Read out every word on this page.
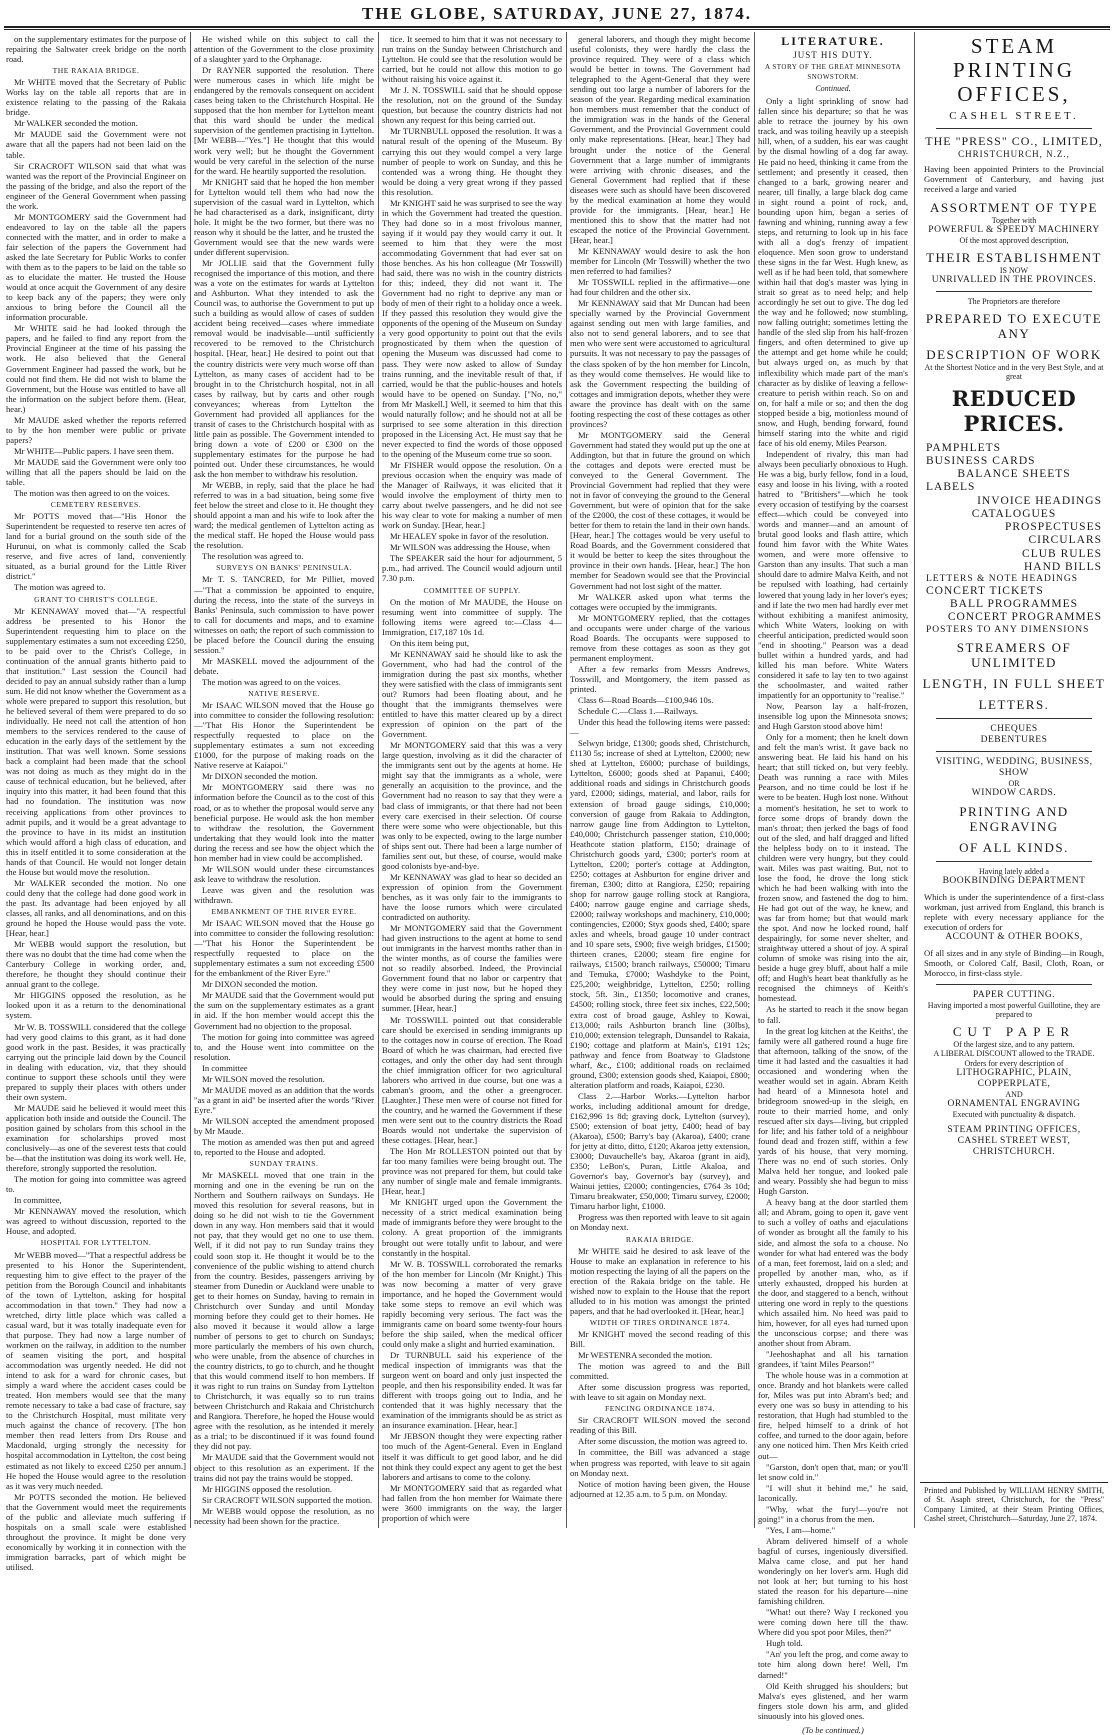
THE GLOBE, SATURDAY, JUNE 27, 1874.

on the supplementary estimates for the purpose of repairing the Saltwater creek bridge on the north road.

THE RAKAIA BRIDGE.

Mr WHITE moved that the Secretary of Public Works lay on the table all reports that are in existence relating to the passing of the Rakaia bridge.

Mr WALKER seconded the motion.

Mr MAUDE said the Government were not aware that all the papers had not been laid on the table.

Sir CRACROFT WILSON said that what was wanted was the report of the Provincial Engineer on the passing of the bridge, and also the report of the engineer of the General Government when passing the work.

Mr MONTGOMERY said the Government had endeavored to lay on the table all the papers connected with the matter, and in order to make a fair selection of the papers the Government had asked the late Secretary for Public Works to confer with them as to the papers to be laid on the table so as to elucidate the matter. He trusted the House would at once acquit the Government of any desire to keep back any of the papers; they were only anxious to bring before the Council all the information procurable.

Mr WHITE said he had looked through the papers, and he failed to find any report from the Provincial Engineer at the time of his passing the work. He also believed that the General Government Engineer had passed the work, but he could not find them. He did not wish to blame the Government, but the House was entitled to have all the information on the subject before them. (Hear, hear.)

Mr MAUDE asked whether the reports referred to by the hon member were public or private papers?

Mr WHITE—Public papers. I have seen them.

Mr MAUDE said the Government were only too willing that all the papers should be laid on the table.

The motion was then agreed to on the voices.

CEMETERY RESERVES.

Mr POTTS moved that—"His Honor the Superintendent be requested to reserve ten acres of land for a burial ground on the south side of the Hurunui, on what is commonly called the Scab reserve, and five acres of land, conveniently situated, as a burial ground for the Little River district."

The motion was agreed to.

GRANT TO CHRIST'S COLLEGE.

Mr KENNAWAY moved that—"A respectful address be presented to his Honor the Superintendent requesting him to place on the supplementary estimates a sum not exceeding £250, to be paid over to the Christ's College, in continuation of the annual grants hitherto paid to that institution." Last session the Council had decided to pay an annual subsidy rather than a lump sum. He did not know whether the Government as a whole were prepared to support this resolution, but he believed several of them were prepared to do so individually. He need not call the attention of hon members to the services rendered to the cause of education in the early days of the settlement by the institution. That was well known. Some sessions back a complaint had been made that the school was not doing as much as they might do in the cause of technical education, but he believed, after inquiry into this matter, it had been found that this had no foundation. The institution was now receiving applications from other provinces to admit pupils, and it would be a great advantage to the province to have in its midst an institution which would afford a high class of education, and this in itself entitled it to some consideration at the hands of that Council. He would not longer detain the House but would move the resolution.

Mr WALKER seconded the motion. No one could deny that the college had done good work in the past. Its advantage had been enjoyed by all classes, all ranks, and all denominations, and on this ground he hoped the House would pass the vote. [Hear, hear.]

Mr WEBB would support the resolution, but there was no doubt that the time had come when the Canterbury College in working order, and, therefore, he thought they should continue their annual grant to the college.

Mr HIGGINS opposed the resolution, as he looked upon it as a return to the denominational system.

Mr W. B. TOSSWILL considered that the college had very good claims to this grant, as it had done good work in the past. Besides, it was practically carrying out the principle laid down by the Council in dealing with education, viz, that they should continue to support these schools until they were prepared to supply their places with others under their own system.

Mr MAUDE said he believed it would meet this application both inside and outside the Council. The position gained by scholars from this school in the examination for scholarships proved most conclusively—as one of the severest tests that could be—that the institution was doing its work well. He, therefore, strongly supported the resolution.

The motion for going into committee was agreed to.

In committee,

Mr KENNAWAY moved the resolution, which was agreed to without discussion, reported to the House, and adopted.

HOSPITAL FOR LYTTELTON.

Mr WEBB moved—"That a respectful address be presented to his Honor the Superintendent, requesting him to give effect to the prayer of the petition from the Borough Council and inhabitants of the town of Lyttelton, asking for hospital accommodation in that town." They had now a wretched, dirty little place which was called a casual ward, but it was totally inadequate even for that purpose. They had now a large number of workmen on the railway, in addition to the number of seamen visiting the port, and hospital accommodation was urgently needed. He did not intend to ask for a ward for chronic cases, but simply a ward where the accident cases could be treated. Hon members would see that the many remote necessary to take a bad case of fracture, say to the Christchurch Hospital, must militate very much against the chance of recovery. [The hon member then read letters from Drs Rouse and Macdonald, urging strongly the necessity for hospital accommodation in Lyttelton, the cost being estimated as not likely to exceed £250 per annum.] He hoped the House would agree to the resolution as it was very much needed.

Mr POTTS seconded the motion. He believed that the Government would meet the requirements of the public and alleviate much suffering if hospitals on a small scale were established throughout the province. It might be done very economically by working it in connection with the immigration barracks, part of which might be utilised.

He wished while on this subject to call the attention of the Government to the close proximity of a slaughter yard to the Orphanage.

Dr RAYNER supported the resolution. There were numerous cases in which life might be endangered by the removals consequent on accident cases being taken to the Christchurch Hospital. He supposed that the hon member for Lyttelton meant that this ward should be under the medical supervision of the gentlemen practising in Lyttelton. [Mr WEBB—"Yes."] He thought that this would work very well; but he thought the Government would be very careful in the selection of the nurse for the ward. He heartily supported the resolution.

Mr KNIGHT said that he hoped the hon member for Lyttelton would tell them who had now the supervision of the casual ward in Lyttelton, which he had characterised as a dark, insignificant, dirty hole. It might be the two former, but there was no reason why it should be the latter, and he trusted the Government would see that the new wards were under different supervision.

Mr JOLLIE said that the Government fully recognised the importance of this motion, and there was a vote on the estimates for wards at Lyttelton and Ashburton. What they intended to ask the Council was, to authorise the Government to put up such a building as would allow of cases of sudden accident being received—cases where immediate removal would be inadvisable—until sufficiently recovered to be removed to the Christchurch hospital. [Hear, hear.] He desired to point out that the country districts were very much worse off than Lyttelton, as many cases of accident had to be brought in to the Christchurch hospital, not in all cases by railway, but by carts and other rough conveyances; whereas from Lyttelton the Government had provided all appliances for the transit of cases to the Christchurch hospital with as little pain as possible. The Government intended to bring down a vote of £200 or £300 on the supplementary estimates for the purpose he had pointed out. Under these circumstances, he would ask the hon member to withdraw his resolution.

Mr WEBB, in reply, said that the place he had referred to was in a bad situation, being some five feet below the street and close to it. He thought they should appoint a man and his wife to look after the ward; the medical gentlemen of Lyttelton acting as the medical staff. He hoped the House would pass the resolution.

The resolution was agreed to.

SURVEYS ON BANKS' PENINSULA.

Mr T. S. TANCRED, for Mr Pilliet, moved—"That a commission be appointed to enquire, during the recess, into the state of the surveys in Banks' Peninsula, such commission to have power to call for documents and maps, and to examine witnesses on oath; the report of such commission to be placed before the Council during the ensuing session."

Mr MASKELL moved the adjournment of the debate.

The motion was agreed to on the voices.

NATIVE RESERVE.

Mr ISAAC WILSON moved that the House go into committee to consider the following resolution:—"That His Honor the Superintendent be respectfully requested to place on the supplementary estimates a sum not exceeding £1000, for the purpose of making roads on the Native reserve at Kaiapoi."

Mr DIXON seconded the motion.

Mr MONTGOMERY said there was no information before the Council as to the cost of this road, or as to whether the proposal would serve any beneficial purpose. He would ask the hon member to withdraw the resolution, the Government undertaking that they would look into the matter during the recess and see how the object which the hon member had in view could be accomplished.

Mr WILSON would under these circumstances ask leave to withdraw the resolution.

Leave was given and the resolution was withdrawn.

EMBANKMENT OF THE RIVER EYRE.

Mr ISAAC WILSON moved that the House go into committee to consider the following resolution:—"That his Honor the Superintendent be respectfully requested to place on the supplementary estimates a sum not exceeding £500 for the embankment of the River Eyre."

Mr DIXON seconded the motion.

Mr MAUDE said that the Government would put the sum on the supplementary estimates as a grant in aid. If the hon member would accept this the Government had no objection to the proposal.

The motion for going into committee was agreed to, and the House went into committee on the resolution.

In committee

Mr WILSON moved the resolution.

Mr MAUDE moved as an addition that the words "as a grant in aid" be inserted after the words "River Eyre."

Mr WILSON accepted the amendment proposed by Mr Maude.

The motion as amended was then put and agreed to, reported to the House and adopted.

SUNDAY TRAINS.

Mr MASKELL moved that one train in the morning and one in the evening be run on the Northern and Southern railways on Sundays. He moved this resolution for several reasons, but in doing so he did not wish to tie the Government down in any way. Hon members said that it would not pay, that they would get no one to use them. Well, if it did not pay to run Sunday trains they could soon stop it. He thought it would be to the convenience of the public wishing to attend church from the country. Besides, passengers arriving by steamer from Dunedin or Auckland were unable to get to their homes on Sunday, having to remain in Christchurch over Sunday and until Monday morning before they could get to their homes. He also moved it because it would allow a large number of persons to get to church on Sundays; more particularly the members of his own church, who were unable, from the absence of churches in the country districts, to go to church, and he thought that this would commend itself to hon members. If it was right to run trains on Sunday from Lyttelton to Christchurch, it was equally so to run trains between Christchurch and Rakaia and Christchurch and Rangiora. Therefore, he hoped the House would agree with the resolution, as he intended it merely as a trial; to be discontinued if it was found found they did not pay.

Mr MAUDE said that the Government would not object to this resolution as an experiment. If the trains did not pay the trains would be stopped.

Mr HIGGINS opposed the resolution.

Sir CRACROFT WILSON supported the motion.

Mr WEBB would oppose the resolution, as no necessity had been shown for the practice.

tice. It seemed to him that it was not necessary to run trains on the Sunday between Christchurch and Lyttelton. He could see that the resolution would be carried, but he could not allow this motion to go without raising his voice against it.

Mr J. N. TOSSWILL said that he should oppose the resolution, not on the ground of the Sunday question, but because the country districts had not shown any request for this being carried out.

Mr TURNBULL opposed the resolution. It was a natural result of the opening of the Museum. By carrying this out they would compel a very large number of people to work on Sunday, and this he contended was a wrong thing. He thought they would be doing a very great wrong if they passed this resolution.

Mr KNIGHT said he was surprised to see the way in which the Government had treated the question. They had done so in a most frivolous manner, saying if it would pay they would carry it out. It seemed to him that they were the most accommodating Government that had ever sat on those benches. As his hon colleague (Mr Tosswill) had said, there was no wish in the country districts for this; indeed, they did not want it. The Government had no right to deprive any man or body of men of their right to a holiday once a week. If they passed this resolution they would give the opponents of the opening of the Museum on Sunday a very good opportunity to point out that the evils prognosticated by them when the question of opening the Museum was discussed had come to pass. They were now asked to allow of Sunday trains running, and the inevitable result of that, if carried, would be that the public-houses and hotels would have to be opened on Sunday. ["No, no," from Mr Maskell.] Well, it seemed to him that this would naturally follow; and he should not at all be surprised to see some alteration in this direction proposed in the Licensing Act. He must say that he never expected to find the words of those opposed to the opening of the Museum come true so soon.

Mr FISHER would oppose the resolution. On a previous occasion when the enquiry was made of the Manager of Railways, it was elicited that it would involve the employment of thirty men to carry about twelve passengers, and he did not see his way clear to vote for making a number of men work on Sunday. [Hear, hear.]

Mr HEALEY spoke in favor of the resolution.

Mr WILSON was addressing the House, when

The SPEAKER said the hour for adjournment, 5 p.m., had arrived. The Council would adjourn until 7.30 p.m.

COMMITTEE OF SUPPLY.

On the motion of Mr MAUDE, the House on resuming went into committee of supply. The following items were agreed to:—Class 4—Immigration, £17,187 10s 1d.

On this item being put,

Mr KENNAWAY said he should like to ask the Government, who had had the control of the immigration during the past six months, whether they were satisfied with the class of immigrants sent out? Rumors had been floating about, and he thought that the immigrants themselves were entitled to have this matter cleared up by a direct expression of opinion on the part of the Government.

Mr MONTGOMERY said that this was a very large question, involving as it did the character of the immigrants sent out by the agents at home. He might say that the immigrants as a whole, were generally an acquisition to the province, and the Government had no reason to say that they were a bad class of immigrants, or that there had not been every care exercised in their selection. Of course there were some who were objectionable, but this was only to be expected, owing to the large number of ships sent out. There had been a large number of families sent out, but these, of course, would make good colonists bye-and-bye.

Mr KENNAWAY was glad to hear so decided an expression of opinion from the Government benches, as it was only fair to the immigrants to have the loose rumors which were circulated contradicted on authority.

Mr MONTGOMERY said that the Government had given instructions to the agent at home to send out immigrants in the harvest months rather than in the winter months, as of course the families were not so readily absorbed. Indeed, the Provincial Government found that no labor or carpentry that they were come in just now, but he hoped they would be absorbed during the spring and ensuing summer. [Hear, hear.]

Mr TOSSWILL pointed out that considerable care should be exercised in sending immigrants up to the cottages now in course of erection. The Road Board of which he was chairman, had erected five cottages, and only the other day had sent through the chief immigration officer for two agricultural laborers who arrived in due course, but one was a cabman's groom, and the other a greengrocer. [Laughter.] These men were of course not fitted for the country, and he warned the Government if these men were sent out to the country districts the Road Boards would not undertake the supervision of these cottages. [Hear, hear.]

The Hon Mr ROLLESTON pointed out that by far too many families were being brought out. The province was not prepared for them, but could take any number of single male and female immigrants. [Hear, hear.]

Mr KNIGHT urged upon the Government the necessity of a strict medical examination being made of immigrants before they were brought to the colony. A great proportion of the immigrants brought out were totally unfit to labour, and were constantly in the hospital.

Mr W. B. TOSSWILL corroborated the remarks of the hon member for Lincoln (Mr Knight.) This was now becoming a matter of very grave importance, and he hoped the Government would take some steps to remove an evil which was rapidly becoming very serious. The fact was the immigrants came on board some twenty-four hours before the ship sailed, when the medical officer could only make a slight and hurried examination.

Dr TURNBULL said his experience of the medical inspection of immigrants was that the surgeon went on board and only just inspected the people, and then his responsibility ended. It was far different with troops going out to India, and he contended that it was highly necessary that the examination of the immigrants should be as strict as an insurance examination. [Hear, hear.]

Mr JEBSON thought they were expecting rather too much of the Agent-General. Even in England itself it was difficult to get good labor, and he did not think they could expect any agent to get the best laborers and artisans to come to the colony.

Mr MONTGOMERY said that as regarded what had fallen from the hon member for Waimate there were 3600 immigrants on the way, the larger proportion of which were

general laborers, and though they might become useful colonists, they were hardly the class the province required. They were of a class which would be better in towns. The Government had telegraphed to the Agent-General that they were sending out too large a number of laborers for the season of the year. Regarding medical examination hon members must remember that the conduct of the immigration was in the hands of the General Government, and the Provincial Government could only make representations. [Hear, hear.] They had brought under the notice of the General Government that a large number of immigrants were arriving with chronic diseases, and the General Government had replied that if these diseases were such as should have been discovered by the medical examination at home they would provide for the immigrants. [Hear, hear.] He mentioned this to show that the matter had not escaped the notice of the Provincial Government. [Hear, hear.]

Mr KENNAWAY would desire to ask the hon member for Lincoln (Mr Tosswill) whether the two men referred to had families?

Mr TOSSWILL replied in the affirmative—one had four children and the other six.

Mr KENNAWAY said that Mr Duncan had been specially warned by the Provincial Government against sending out men with large families, and also not to send general laborers, and to see that men who were sent were accustomed to agricultural pursuits. It was not necessary to pay the passages of the class spoken of by the hon member for Lincoln, as they would come themselves. He would like to ask the Government respecting the building of cottages and immigration depots, whether they were aware the province has dealt with on the same footing respecting the cost of these cottages as other provinces?

Mr MONTGOMERY said the General Government had stated they would put up the one at Addington, but that in future the ground on which the cottages and depots were erected must be conveyed to the General Government. The Provincial Government had replied that they were not in favor of conveying the ground to the General Government, but were of opinion that for the sake of the £2000, the cost of these cottages, it would be better for them to retain the land in their own hands. [Hear, hear.] The cottages would be very useful to Road Boards, and the Government considered that it would be better to keep the sites throughout the province in their own hands. [Hear, hear.] The hon member for Seadown would see that the Provincial Government had not lost sight of the matter.

Mr WALKER asked upon what terms the cottages were occupied by the immigrants.

Mr MONTGOMERY replied, that the cottages and occupants were under charge of the various Road Boards. The occupants were supposed to remove from these cottages as soon as they got permanent employment.

After a few remarks from Messrs Andrews, Tosswill, and Montgomery, the item passed as printed.

Class 6—Road Boards—£100,946 10s.

Schedule C.—Class 1.—Railways.

Under this head the following items were passed:—

Selwyn bridge, £1300; goods shed, Christchurch, £1130 5s; increase of shed at Lyttelton, £2000; new shed at Lyttelton, £6000; purchase of buildings, Lyttelton, £6000; goods shed at Papanui, £400; additional roads and sidings in Christchurch goods yard, £2000; sidings, material, and labor, rails for extension of broad gauge sidings, £10,000; conversion of gauge from Rakaia to Addington, narrow gauge line from Addington to Lyttelton, £40,000; Christchurch passenger station, £10,000; Heathcote station platform, £150; drainage of Christchurch goods yard, £300; porter's room at Lyttelton, £200; porter's cottage at Addington, £250; cottages at Ashburton for engine driver and fireman, £300; ditto at Rangiora, £250; repairing shop for narrow gauge rolling stock at Rangiora, £400; narrow gauge engine and carriage sheds, £2000; railway workshops and machinery, £10,000; contingencies, £2000; Styx goods shed, £400; spare axles and wheels, broad gauge 10 under contract and 10 spare sets, £900; five weigh bridges, £1500; thirteen cranes, £2000; steam fire engine for railways, £1500; branch railways, £50000; Timaru and Temuka, £7000; Washdyke to the Point, £25,200; weighbridge, Lyttelton, £250; rolling stock, 5ft. 3in., £1350; locomotive and cranes, £4500; rolling stock, three feet six inches, £22,500; extra cost of broad gauge, Ashley to Kowai, £13,000; rails Ashburton branch line (30lbs), £10,000; extension telegraph, Dunsandel to Rakaia, £190; cottage and platform at Main's, £191 12s; pathway and fence from Boatway to Gladstone wharf, &c., £100; additional roads on reclaimed ground, £300; extension goods shed, Kaiapoi, £800; alteration platform and roads, Kaiapoi, £230.

Class 2.—Harbor Works.—Lyttelton harbor works, including additional amount for dredge, £162,996 1s 8d; graving dock, Lyttelton (survey), £500; extension of boat jetty, £400; head of bay (Akaroa), £500; Barry's bay (Akaroa), £400; crane for jetty at ditto, ditto, £120; Akaroa jetty extension, £3000; Duvauchelle's bay, Akaroa (grant in aid), £350; LeBon's, Puran, Little Akaloa, and Governor's bay, Governor's bay (survey), and Wainui jetties, £2000; contingencies, £764 3s 10d; Timaru breakwater, £50,000; Timaru survey, £2000; Timaru harbor light, £1000.

Progress was then reported with leave to sit again on Monday next.

RAKAIA BRIDGE.

Mr WHITE said he desired to ask leave of the House to make an explanation in reference to his motion respecting the laying of all the papers on the erection of the Rakaia bridge on the table. He wished now to explain to the House that the report alluded to in his motion was amongst the printed papers, and that he had overlooked it. [Hear, hear.]

WIDTH OF TIRES ORDINANCE 1874.

Mr KNIGHT moved the second reading of this Bill.

Mr WESTENRA seconded the motion.

The motion was agreed to and the Bill committed.

After some discussion progress was reported, with leave to sit again on Monday next.

FENCING ORDINANCE 1874.

Sir CRACROFT WILSON moved the second reading of this Bill.

After some discussion, the motion was agreed to.

In committee, the Bill was advanced a stage when progress was reported, with leave to sit again on Monday next.

Notice of motion having been given, the House adjourned at 12.35 a.m. to 5 p.m. on Monday.

LITERATURE.
JUST HIS DUTY.
A STORY OF THE GREAT MINNESOTA SNOWSTORM.
Continued.

Only a light sprinkling of snow had fallen since his departure; so that he was able to retrace the journey by his own track, and was toiling heavily up a steepish hill, when, of a sudden, his ear was caught by the dismal howling of a dog far away. He paid no heed, thinking it came from the settlement; and presently it ceased, then changed to a bark, growing nearer and nearer, till finally, a large black dog came in sight round a point of rock, and, bounding upon him, began a series of fawning and whining, running away a few steps, and returning to look up in his face with all a dog's frenzy of impatient eloquence. Men soon grow to understand these signs in the far West. Hugh knew, as well as if he had been told, that somewhere within hail that dog's master was lying in strait so great as to need help; and help accordingly he set out to give. The dog led the way and he followed; now stumbling, now falling outright; sometimes letting the handle of the sled slip from his half-frozen fingers, and often determined to give up the attempt and get home while he could; but always urged on, as much by that inflexibility which made part of the man's character as by dislike of leaving a fellow-creature to perish within reach. So on and on, for half a mile or so; and then the dog stopped beside a big, motionless mound of snow, and Hugh, bending forward, found himself staring into the white and rigid face of his old enemy, Miles Pearson.

Independent of rivalry, this man had always been peculiarly obnoxious to Hugh. He was a big, burly fellow, fond in a loud, easy and loose in his living, with a rooted hatred to "Britishers"—which he took every occasion of testifying by the coarsest effect—which could be conveyed into words and manner—and an amount of brutal good looks and flash attire, which found him favor with the White Wates women, and were more offensive to Garston than any insults. That such a man should dare to admire Malva Keith, and not be repulsed with loathing, had certainly lowered that young lady in her lover's eyes; and if late the two men had hardly ever met without exhibiting a manifest animosity, which White Waters, looking on with cheerful anticipation, predicted would soon "end in shooting." Pearson was a dead bullet within a hundred yards, and had killed his man before. White Waters considered it safe to lay ten to two against the schoolmaster, and waited rather impatiently for an opportunity to "realise."

Now, Pearson lay a half-frozen, insensible log upon the Minnesota snows; and Hugh Garston stood above him!

Only for a moment; then he knelt down and felt the man's wrist. It gave back no answering beat. He laid his hand on his heart; that still ticked on, but very feebly. Death was running a race with Miles Pearson, and no time could be lost if he were to be beaten. Hugh lost none. Without a moment's hesitation, he set to work to force some drops of brandy down the man's throat; then jerked the bags of food out of the sled, and half dragged and lifted the helpless body on to it instead. The children were very hungry, but they could wait. Miles was past waiting. But, not to lose the food, he drove the long stick which he had been walking with into the frozen snow, and fastened the dog to him. He had got out of the way, he knew, and was far from home; but that would mark the spot. And now he locked round, half despairingly, for some never shelter, and straightway uttered a shout of joy. A spiral column of smoke was rising into the air, beside a huge grey bluff, about half a mile off; and Hugh's heart beat thankfully as he recognised the chimneys of Keith's homestead.

As he started to reach it the snow began to fall.

In the great log kitchen at the Keiths', the family were all gathered round a huge fire that afternoon, talking of the snow, of the time it had lasted and the casualties it had occasioned and wondering when the weather would set in again. Abram Keith had heard of a Minnesota hotel and bridegroom snowed-up in the sleigh, en route to their married home, and only rescued after six days—living, but crippled for life; and his father told of a neighbour found dead and frozen stiff, within a few yards of his house, that very morning. There was no end of such stories. Only Malva held her tongue, and looked pale and weary. Possibly she had begun to miss Hugh Garston.

A heavy bang at the door startled them all; and Abram, going to open it, gave vent to such a volley of oaths and ejaculations of wonder as brought all the family to his side, and almost the sofa to a chouse. No wonder for what had entered was the body of a man, feet foremost, laid on a sled; and propelled by another man, who, as if utterly exhausted, dropped his burden at the door, and staggered to a bench, without uttering one word in reply to the questions which assailed him. No heed was paid to him, however, for all eyes had turned upon the unconscious corpse; and there was another shout from Abram.

"Jeehoshaphat and all his tarnation grandees, if 'taint Miles Pearson!"

The whole house was in a commotion at once. Brandy and hot blankets were called for, Miles was put into Abram's bed; and every one was so busy in attending to his restoration, that Hugh had stumbled to the fire, helped himself to a drink of hot coffee, and turned to the door again, before any one noticed him. Then Mrs Keith cried out—

"Garston, don't open that, man; or you'll let snow cold in."

"I will shut it behind me," he said, laconically.

"Why, what the fury!—you're not going!" in a chorus from the men.

"Yes, I am—home."

Abram delivered himself of a whole bagful of curses, ingeniously diversified. Malva came close, and put her hand wonderingly on her lover's arm. Hugh did not look at her; but turning to his host stated the reason for his departure—nine famishing children.

"What! out there? Way I reckoned you were coming down here till the thaw. Where did you spot poor Miles, then?"

Hugh told.

"An' you left the prog, and come away to tote him along down here! Well, I'm darned!"

Old Keith shrugged his shoulders; but Malva's eyes glistened, and her warm fingers stole down his arm, and glided sinuously into his gloved ones.

(To be continued.)

STEAM PRINTING OFFICES,

CASHEL STREET.

THE "PRESS" CO., LIMITED,

CHRISTCHURCH, N.Z.,

Having been appointed Printers to the Provincial Government of Canterbury, and having just received a large and varied

ASSORTMENT OF TYPE

Together with

POWERFUL & SPEEDY MACHINERY

Of the most approved description,

THEIR ESTABLISHMENT

IS NOW

UNRIVALLED IN THE PROVINCES.

The Proprietors are therefore

PREPARED TO EXECUTE ANY

DESCRIPTION OF WORK

At the Shortest Notice and in the very Best Style, and at great

REDUCED PRICES.

PAMPHLETS

BUSINESS CARDS

BALANCE SHEETS

LABELS

INVOICE HEADINGS

CATALOGUES

PROSPECTUSES

CIRCULARS

CLUB RULES

HAND BILLS

LETTERS & NOTE HEADINGS

CONCERT TICKETS

BALL PROGRAMMES

CONCERT PROGRAMMES

POSTERS TO ANY DIMENSIONS

STREAMERS OF UNLIMITED

LENGTH, IN FULL SHEET

LETTERS.

CHEQUES

DEBENTURES

VISITING, WEDDING, BUSINESS, SHOW

OR

WINDOW CARDS.

PRINTING AND ENGRAVING

OF ALL KINDS.

Having lately added a

BOOKBINDING DEPARTMENT

Which is under the superintendence of a first-class workman, just arrived from England, this branch is replete with every necessary appliance for the execution of orders for

ACCOUNT & OTHER BOOKS,

Of all sizes and in any style of Binding—in Rough, Smooth, or Colored Calf, Basil, Cloth, Roan, or Morocco, in first-class style.

PAPER CUTTING.

Having imported a most powerful Guillotine, they are prepared to

CUT PAPER

Of the largest size, and to any pattern.

A LIBERAL DISCOUNT allowed to the TRADE.

Orders for every description of

LITHOGRAPHIC, PLAIN,

COPPERPLATE,

AND

ORNAMENTAL ENGRAVING

Executed with punctuality & dispatch.

STEAM PRINTING OFFICES,

CASHEL STREET WEST,

CHRISTCHURCH.

Printed and Published by WILLIAM HENRY SMITH, of St. Asaph street, Christchurch, for the "Press" Company Limited, at their Steam Printing Offices, Cashel street, Christchurch—Saturday, June 27, 1874.
